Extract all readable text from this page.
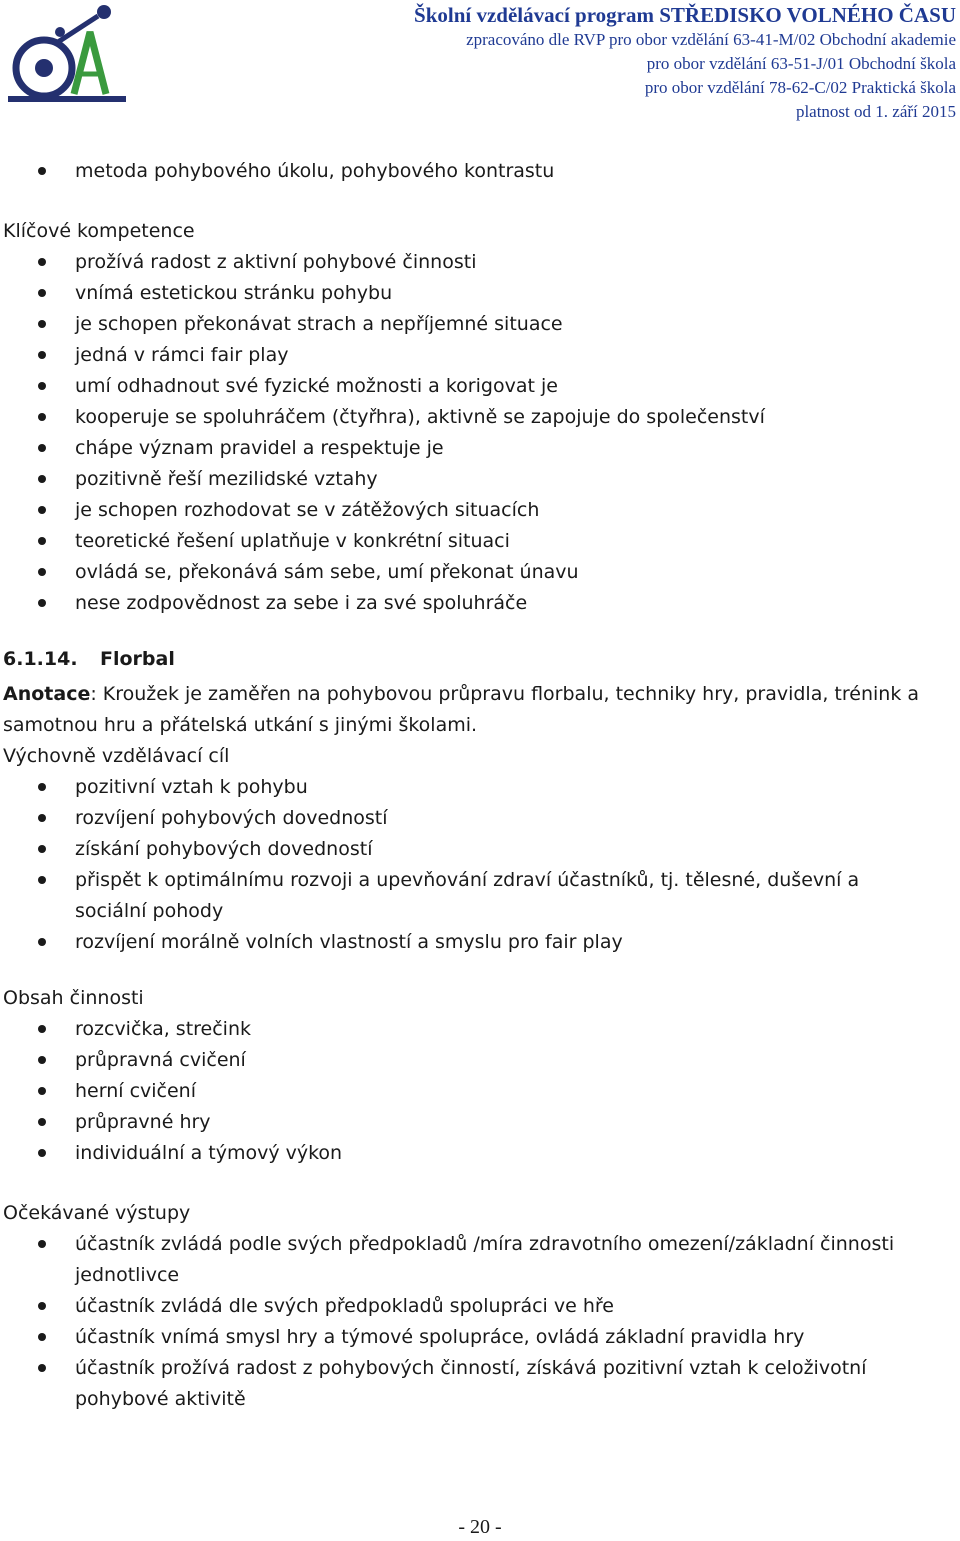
Školní vzdělávací program STŘEDISKO VOLNÉHO ČASU
zpracováno dle RVP pro obor vzdělání 63-41-M/02 Obchodní akademie
pro obor vzdělání 63-51-J/01 Obchodní škola
pro obor vzdělání 78-62-C/02 Praktická škola
platnost od 1. září 2015
metoda pohybového úkolu, pohybového kontrastu
Klíčové kompetence
prožívá radost z aktivní pohybové činnosti
vnímá estetickou stránku pohybu
je schopen překonávat strach a nepříjemné situace
jedná v rámci fair play
umí odhadnout své fyzické možnosti a korigovat je
kooperuje se spoluhráčem (čtyřhra), aktivně se zapojuje do společenství
chápe význam pravidel a respektuje je
pozitivně řeší mezilidské vztahy
je schopen rozhodovat se v zátěžových situacích
teoretické řešení uplatňuje v konkrétní situaci
ovládá se, překonává sám sebe, umí překonat únavu
nese zodpovědnost za sebe i za své spoluhráče
6.1.14. Florbal
Anotace: Kroužek je zaměřen na pohybovou průpravu florbalu, techniky hry, pravidla, trénink a samotnou hru a přátelská utkání s jinými školami.
Výchovně vzdělávací cíl
pozitivní vztah k pohybu
rozvíjení pohybových dovedností
získání pohybových dovedností
přispět k optimálnímu rozvoji a upevňování zdraví účastníků, tj. tělesné, duševní a sociální pohody
rozvíjení morálně volních vlastností a smyslu pro fair play
Obsah činnosti
rozcvička, strečink
průpravná cvičení
herní cvičení
průpravné hry
individuální a týmový výkon
Očekávané výstupy
účastník zvládá podle svých předpokladů /míra zdravotního omezení/základní činnosti jednotlivce
účastník zvládá dle svých předpokladů spolupráci ve hře
účastník vnímá smysl hry a týmové spolupráce, ovládá základní pravidla hry
účastník prožívá radost z pohybových činností, získává pozitivní vztah k celoživotní pohybové aktivitě
- 20 -
